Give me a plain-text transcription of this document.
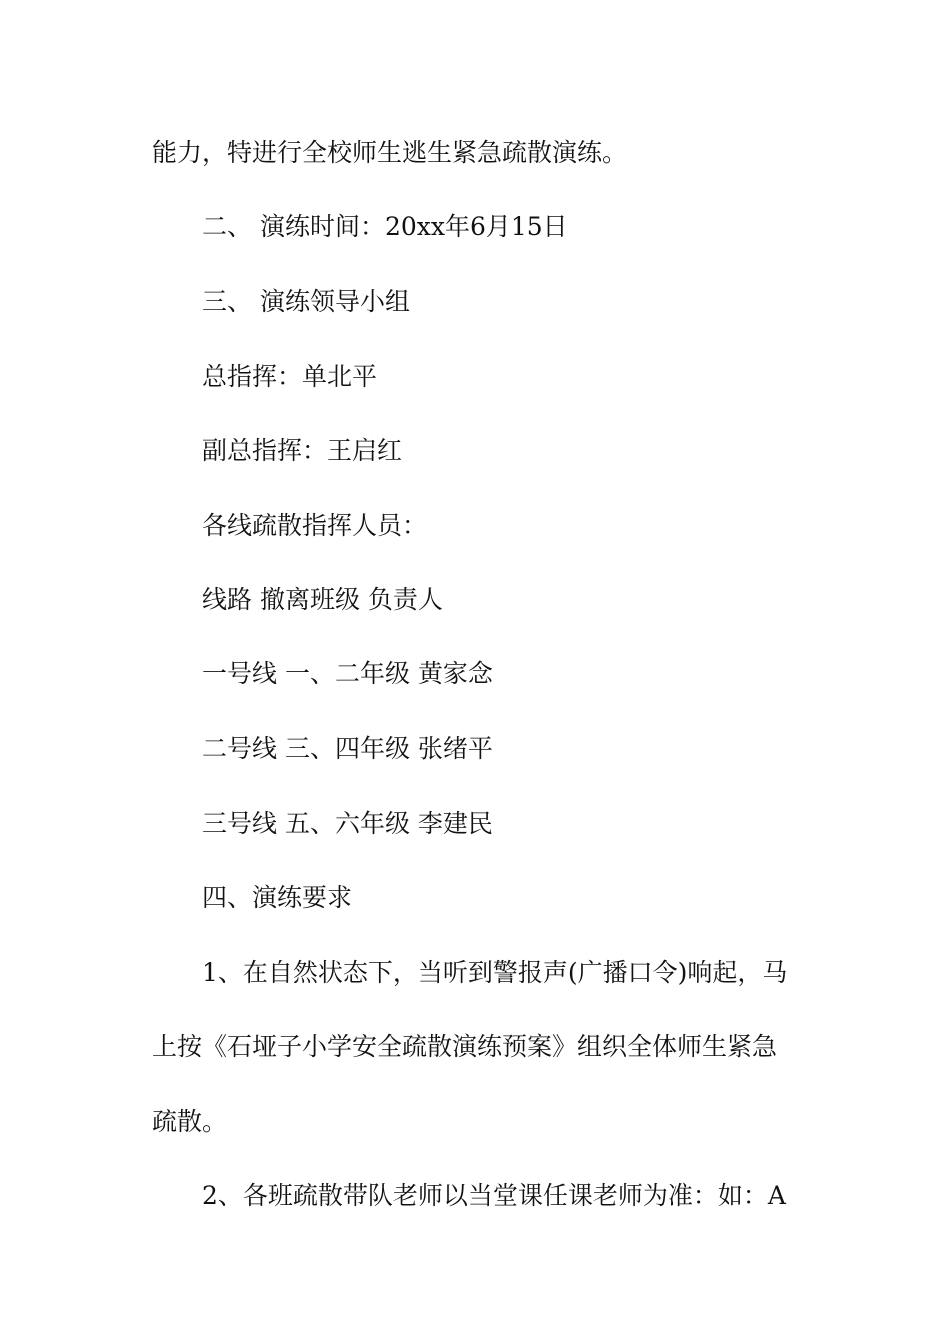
能力，特进行全校师生逃生紧急疏散演练。
二、 演练时间：20xx年6月15日
三、 演练领导小组
总指挥：单北平
副总指挥：王启红
各线疏散指挥人员：
线路 撤离班级 负责人
一号线 一、二年级 黄家念
二号线 三、四年级 张绪平
三号线 五、六年级 李建民
四、演练要求
1、在自然状态下，当听到警报声(广播口令)响起，马
上按《石垭子小学安全疏散演练预案》组织全体师生紧急
疏散。
2、各班疏散带队老师以当堂课任课老师为准：如：A
